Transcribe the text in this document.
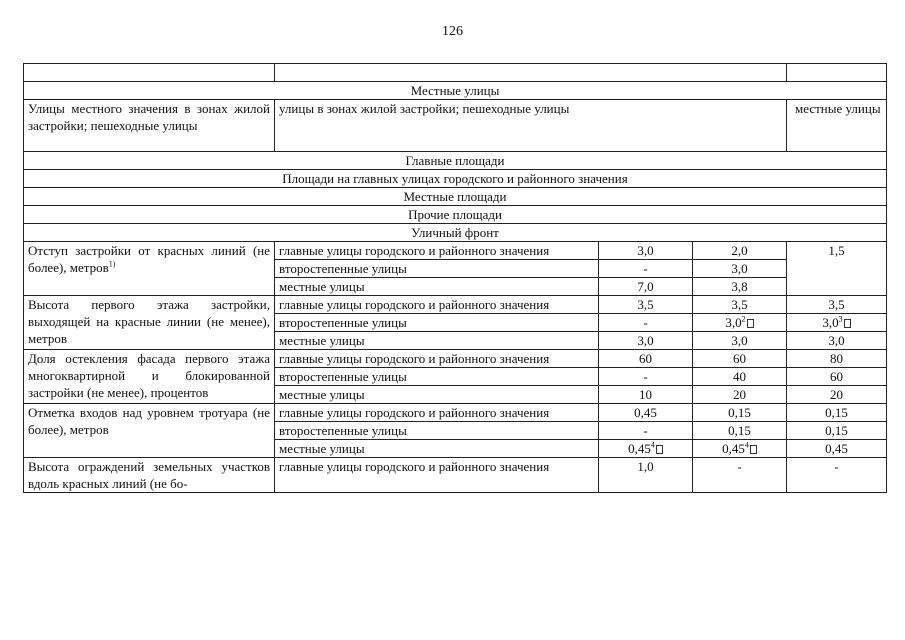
126

Местные улицы				
Улицы местного значения в зонах жилой застройки; пешеходные улицы	улицы в зонах жилой застройки; пешеходные улицы			местные улицы
Главные площади				
Площади на главных улицах городского и районного значения				
Местные площади				
Прочие площади				
Уличный фронт				
Отступ застройки от красных линий (не более), метров$^{1)}$	главные улицы городского и районного значения	3,0	2,0	1,5
	второстепенные улицы	-	3,0	
	местные улицы	7,0	3,8	
Высота первого этажа застройки, выходящей на красные линии (не менее), метров	главные улицы городского и районного значения	3,5	3,5	3,5
	второстепенные улицы	-	$3,0^2$	$3,0^3$
	местные улицы	3,0	3,0	3,0
Доля остекления фасада первого этажа многоквартирной и блокированной застройки (не менее), процентов	главные улицы городского и районного значения	60	60	80
	второстепенные улицы	-	40	60
	местные улицы	10	20	20
Отметка входов над уровнем тротуара (не более), метров	главные улицы городского и районного значения	0,45	0,15	0,15
	второстепенные улицы	-	0,15	0,15
	местные улицы	0,45$^4$	0,45$^4$	0,45
Высота ограждений земельных участков вдоль красных линий (не бо-	главные улицы городского и районного значения	1,0	-	-
